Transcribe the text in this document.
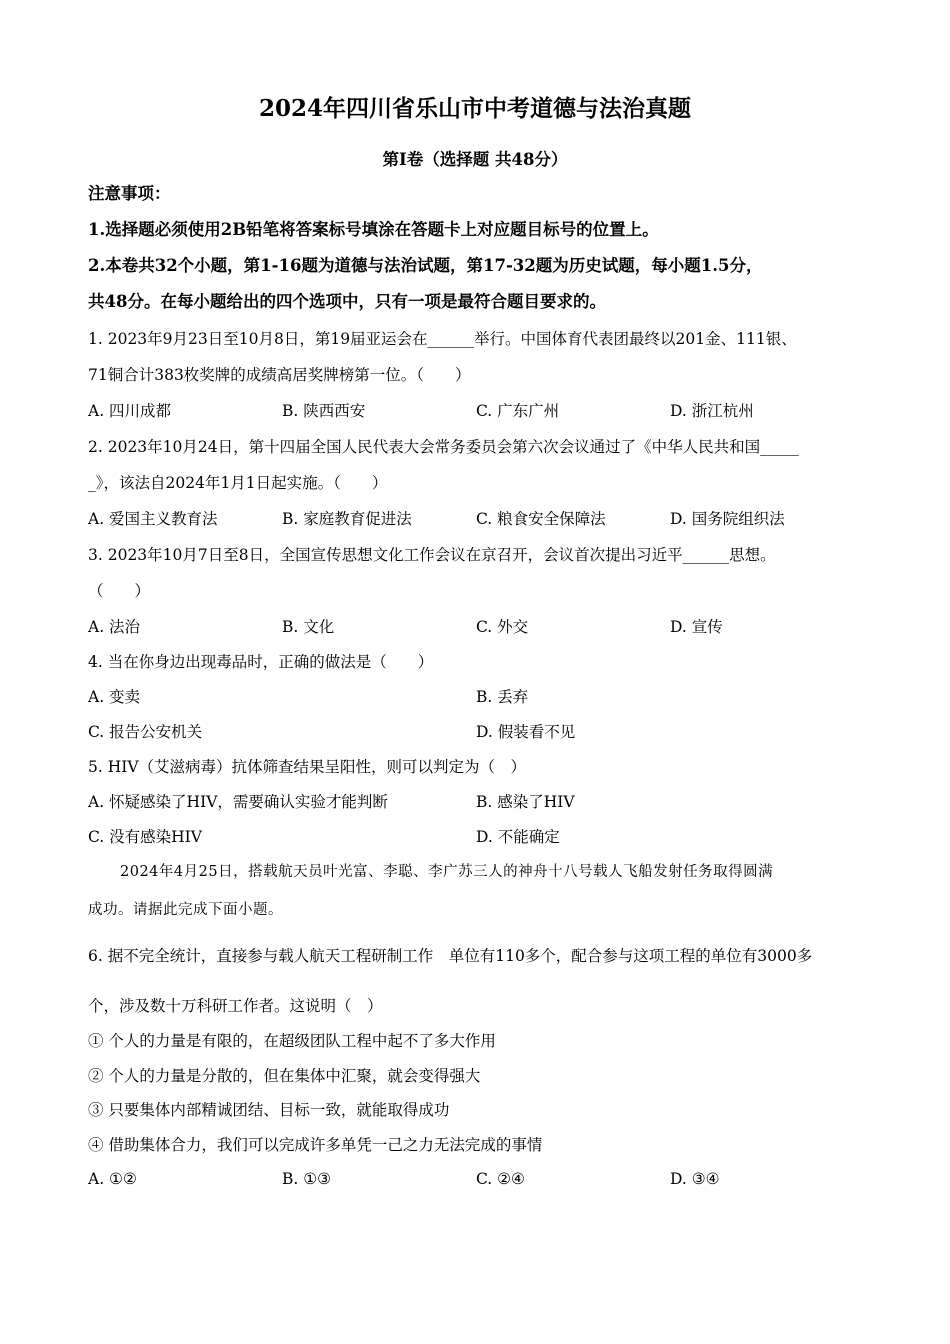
2024年四川省乐山市中考道德与法治真题
第Ⅰ卷（选择题 共48分）
注意事项：
1.选择题必须使用2B铅笔将答案标号填涂在答题卡上对应题目标号的位置上。
2.本卷共32个小题，第1-16题为道德与法治试题，第17-32题为历史试题，每小题1.5分，
共48分。在每小题给出的四个选项中，只有一项是最符合题目要求的。
1. 2023年9月23日至10月8日，第19届亚运会在______举行。中国体育代表团最终以201金、111银、
71铜合计383枚奖牌的成绩高居奖牌榜第一位。（　　）
A. 四川成都	B. 陕西西安	C. 广东广州	D. 浙江杭州
2. 2023年10月24日，第十四届全国人民代表大会常务委员会第六次会议通过了《中华人民共和国_____
_》，该法自2024年1月1日起实施。（　　）
A. 爱国主义教育法	B. 家庭教育促进法	C. 粮食安全保障法	D. 国务院组织法
3. 2023年10月7日至8日，全国宣传思想文化工作会议在京召开，会议首次提出习近平______思想。
（　　）
A. 法治	B. 文化	C. 外交	D. 宣传
4. 当在你身边出现毒品时，正确的做法是（　　）
A. 变卖	B. 丢弃
C. 报告公安机关	D. 假装看不见
5. HIV（艾滋病毒）抗体筛查结果呈阳性，则可以判定为（　）
A. 怀疑感染了HIV，需要确认实验才能判断	B. 感染了HIV
C. 没有感染HIV	D. 不能确定
2024年4月25日，搭载航天员叶光富、李聪、李广苏三人的神舟十八号载人飞船发射任务取得圆满
成功。请据此完成下面小题。
6. 据不完全统计，直接参与载人航天工程研制工作　单位有110多个，配合参与这项工程的单位有3000多
个，涉及数十万科研工作者。这说明（　）
① 个人的力量是有限的，在超级团队工程中起不了多大作用
② 个人的力量是分散的，但在集体中汇聚，就会变得强大
③ 只要集体内部精诚团结、目标一致，就能取得成功
④ 借助集体合力，我们可以完成许多单凭一己之力无法完成的事情
A. ①②	B. ①③	C. ②④	D. ③④
